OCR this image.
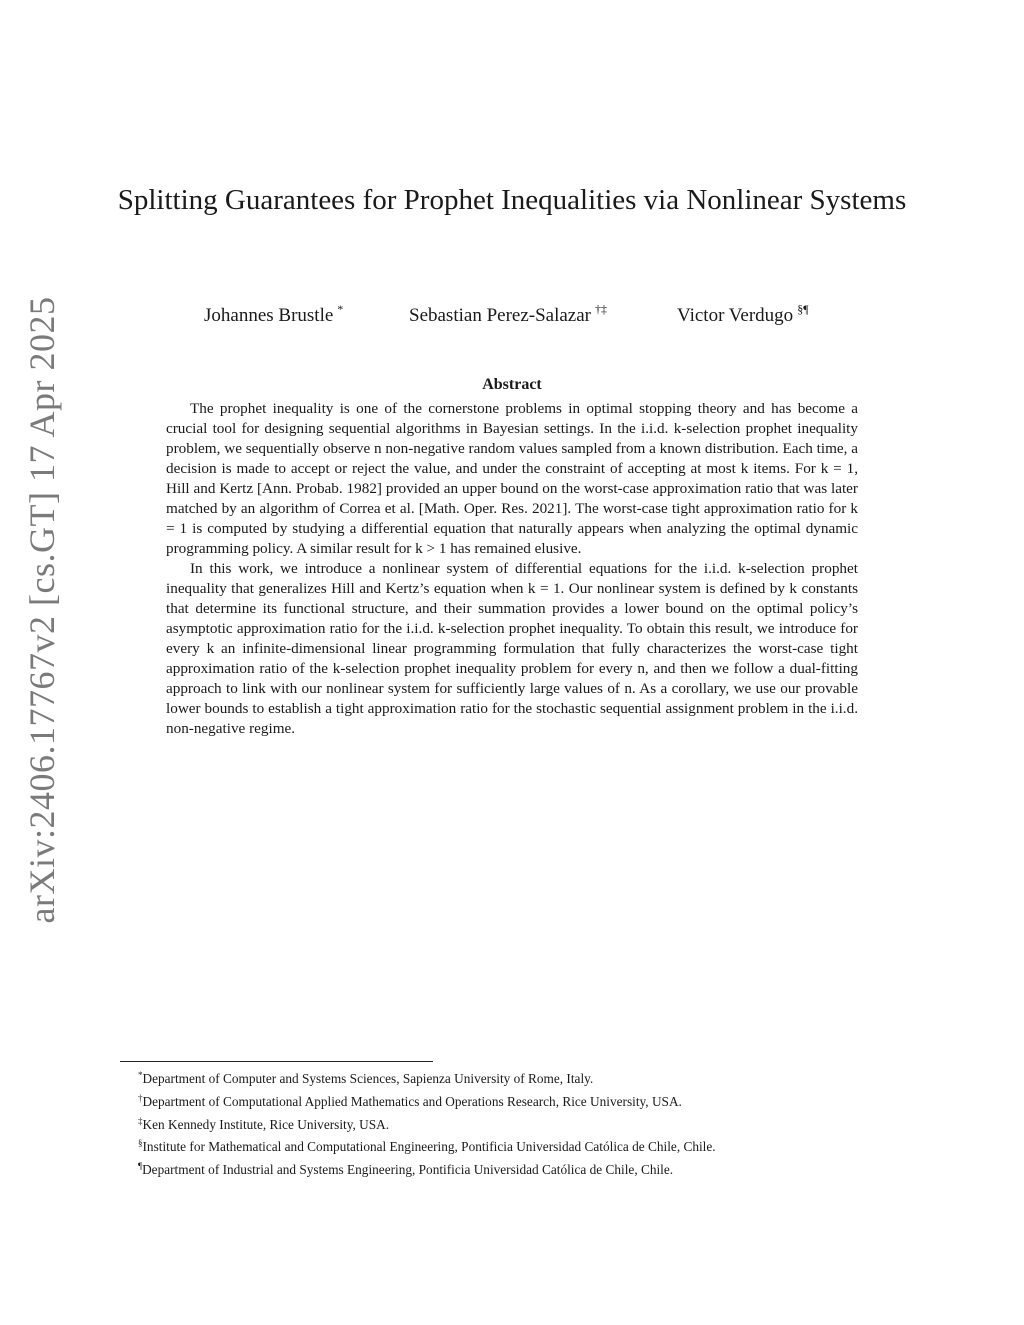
arXiv:2406.17767v2 [cs.GT] 17 Apr 2025
Splitting Guarantees for Prophet Inequalities via Nonlinear Systems
Johannes Brustle *	Sebastian Perez-Salazar †‡	Victor Verdugo §¶
Abstract

The prophet inequality is one of the cornerstone problems in optimal stopping theory and has become a crucial tool for designing sequential algorithms in Bayesian settings. In the i.i.d. k-selection prophet inequality problem, we sequentially observe n non-negative random values sampled from a known distribution. Each time, a decision is made to accept or reject the value, and under the constraint of accepting at most k items. For k = 1, Hill and Kertz [Ann. Probab. 1982] provided an upper bound on the worst-case approximation ratio that was later matched by an algorithm of Correa et al. [Math. Oper. Res. 2021]. The worst-case tight approximation ratio for k = 1 is computed by studying a differential equation that naturally appears when analyzing the optimal dynamic programming policy. A similar result for k > 1 has remained elusive.

In this work, we introduce a nonlinear system of differential equations for the i.i.d. k-selection prophet inequality that generalizes Hill and Kertz’s equation when k = 1. Our nonlinear system is defined by k constants that determine its functional structure, and their summation provides a lower bound on the optimal policy’s asymptotic approximation ratio for the i.i.d. k-selection prophet inequality. To obtain this result, we introduce for every k an infinite-dimensional linear programming formulation that fully characterizes the worst-case tight approximation ratio of the k-selection prophet inequality problem for every n, and then we follow a dual-fitting approach to link with our nonlinear system for sufficiently large values of n. As a corollary, we use our provable lower bounds to establish a tight approximation ratio for the stochastic sequential assignment problem in the i.i.d. non-negative regime.

*Department of Computer and Systems Sciences, Sapienza University of Rome, Italy.
†Department of Computational Applied Mathematics and Operations Research, Rice University, USA.
‡Ken Kennedy Institute, Rice University, USA.
§Institute for Mathematical and Computational Engineering, Pontificia Universidad Católica de Chile, Chile.
¶Department of Industrial and Systems Engineering, Pontificia Universidad Católica de Chile, Chile.
